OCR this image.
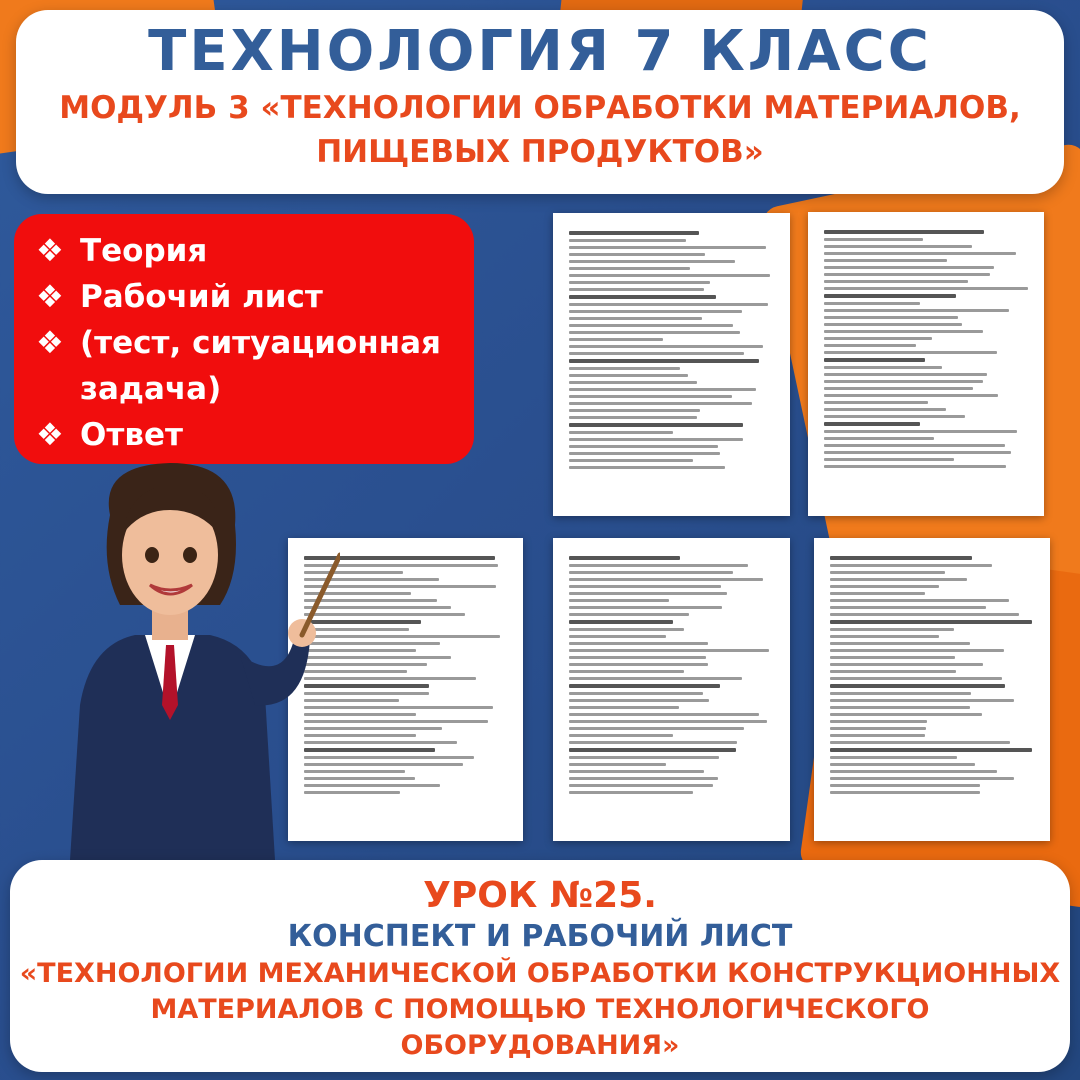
ТЕХНОЛОГИЯ 7 КЛАСС
МОДУЛЬ 3 «ТЕХНОЛОГИИ ОБРАБОТКИ МАТЕРИАЛОВ,
ПИЩЕВЫХ ПРОДУКТОВ»
❖ Теория
❖ Рабочий лист
❖ (тест, ситуационная
задача)
❖ Ответ
УРОК №25.
КОНСПЕКТ И РАБОЧИЙ ЛИСТ
«ТЕХНОЛОГИИ МЕХАНИЧЕСКОЙ ОБРАБОТКИ КОНСТРУКЦИОННЫХ
МАТЕРИАЛОВ С ПОМОЩЬЮ ТЕХНОЛОГИЧЕСКОГО ОБОРУДОВАНИЯ»
